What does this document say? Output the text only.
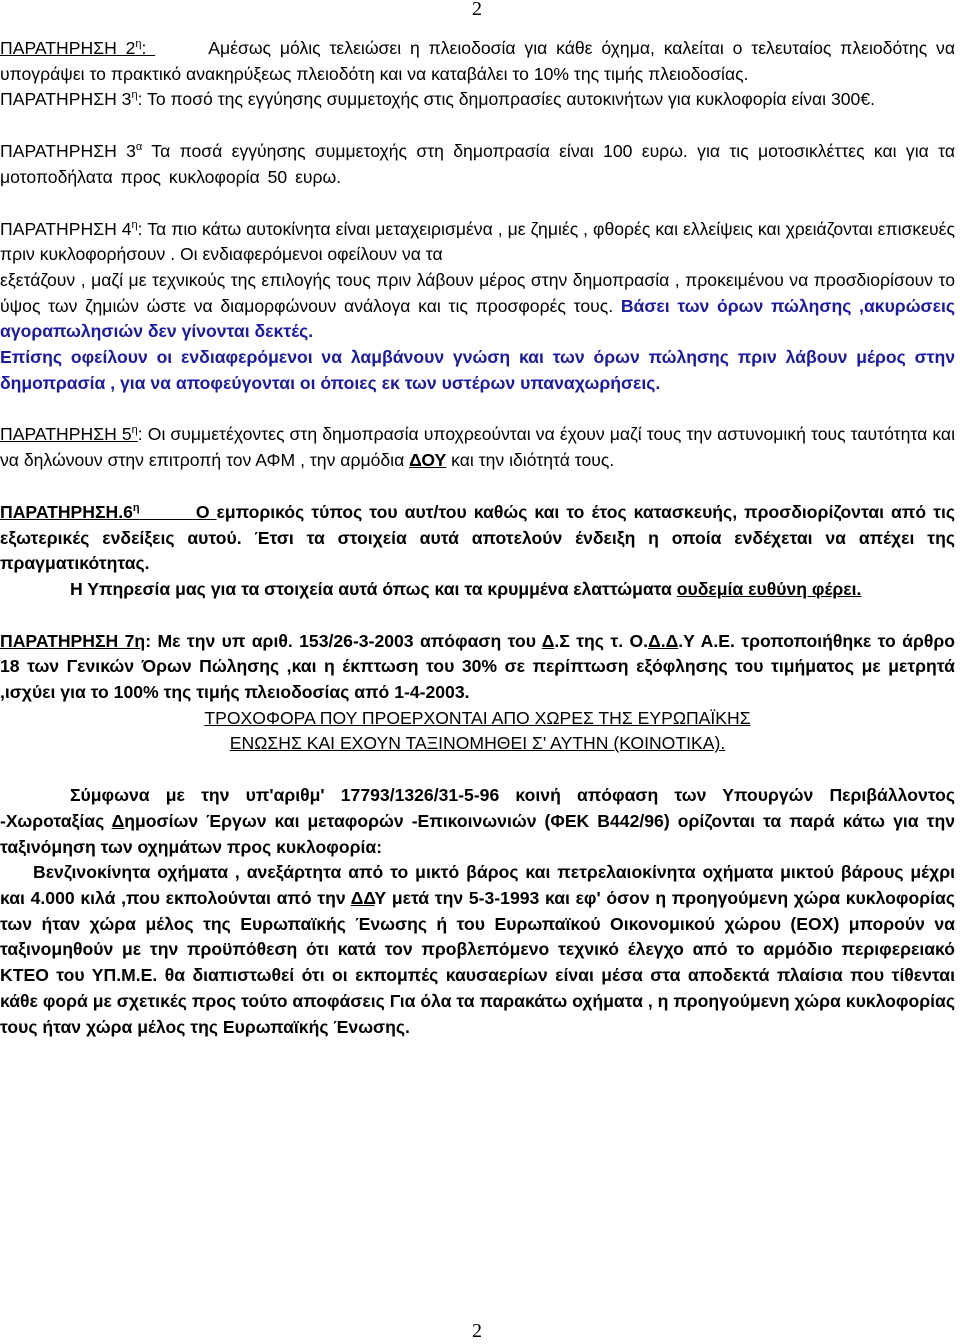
2

ΠΑΡΑΤΗΡΗΣΗ $2^\eta$:	Αμέσως μόλις τελειώσει η πλειοδοσία για κάθε όχημα, καλείται ο τελευταίος πλειοδότης να υπογράψει το πρακτικό ανακηρύξεως πλειοδότη και να καταβάλει το 10% της τιμής πλειοδοσίας.

ΠΑΡΑΤΗΡΗΣΗ $3^\eta$: Το ποσό της εγγύησης συμμετοχής στις δημοπρασίες αυτοκινήτων για κυκλοφορία είναι 300€.

ΠΑΡΑΤΗΡΗΣΗ $3^\alpha$ Τα ποσά εγγύησης συμμετοχής στη δημοπρασία είναι 100 ευρω. για τις μοτοσικλέττες και για τα μοτοποδήλατα προς κυκλοφορία 50 ευρω.

ΠΑΡΑΤΗΡΗΣΗ $4^\eta$: Τα πιο κάτω αυτοκίνητα είναι μεταχειρισμένα , με ζημιές , φθορές και ελλείψεις και χρειάζονται επισκευές πριν κυκλοφορήσουν . Οι ενδιαφερόμενοι οφείλουν να τα
εξετάζουν , μαζί με τεχνικούς της επιλογής τους πριν λάβουν μέρος στην δημοπρασία , προκειμένου να προσδιορίσουν το ύψος των ζημιών ώστε να διαμορφώνουν ανάλογα και τις προσφορές τους. Βάσει των όρων πώλησης ,ακυρώσεις αγοραπωλησιών δεν γίνονται δεκτές.
Επίσης οφείλουν οι ενδιαφερόμενοι να λαμβάνουν γνώση και των όρων πώλησης πριν λάβουν μέρος στην δημοπρασία , για να αποφεύγονται οι όποιες εκ των υστέρων υπαναχωρήσεις.

ΠΑΡΑΤΗΡΗΣΗ $5^\eta$: Οι συμμετέχοντες στη δημοπρασία υποχρεούνται να έχουν μαζί τους την αστυνομική τους ταυτότητα και να δηλώνουν στην επιτροπή τον ΑΦΜ , την αρμόδια ΔΟΥ και την ιδιότητά τους.

$\Pi APATHPH\Sigma H.6^\eta$	Ο εμπορικός τύπος του αυτ/του καθώς και το έτος κατασκευής, προσδιορίζονται από τις εξωτερικές ενδείξεις αυτού. Έτσι τα στοιχεία αυτά αποτελούν ένδειξη η οποία ενδέχεται να απέχει της πραγματικότητας.
Η Υπηρεσία μας για τα στοιχεία αυτά όπως και τα κρυμμένα ελαττώματα ουδεμία ευθύνη φέρει.

ΠΑΡΑΤΗΡΗΣΗ 7η: Με την υπ αριθ. 153/26-3-2003 απόφαση του Δ.Σ της τ. Ο.Δ.Δ.Υ Α.Ε. τροποποιήθηκε το άρθρο 18 των Γενικών Όρων Πώλησης ,και η έκπτωση του 30% σε περίπτωση εξόφλησης του τιμήματος με μετρητά ,ισχύει για το 100% της τιμής πλειοδοσίας από 1-4-2003.

ΤΡΟΧΟΦΟΡΑ ΠΟΥ ΠΡΟΕΡΧΟΝΤΑΙ ΑΠΟ ΧΩΡΕΣ ΤΗΣ ΕΥΡΩΠΑΪΚΗΣ
ΕΝΩΣΗΣ ΚΑΙ ΕΧΟΥΝ ΤΑΞΙΝΟΜΗΘΕΙ Σ' ΑΥΤΗΝ (ΚΟΙΝΟΤΙΚΑ).

Σύμφωνα με την υπ'αριθμ' 17793/1326/31-5-96 κοινή απόφαση των Υπουργών Περιβάλλοντος -Χωροταξίας Δημοσίων Έργων και μεταφορών -Επικοινωνιών (ΦΕΚ Β442/96) ορίζονται τα παρά κάτω για την ταξινόμηση των οχημάτων προς κυκλοφορία:

Βενζινοκίνητα οχήματα , ανεξάρτητα από το μικτό βάρος και πετρελαιοκίνητα οχήματα μικτού βάρους μέχρι και 4.000 κιλά ,που εκπολούνται από την ΔΔΥ μετά την 5-3-1993 και εφ' όσον η προηγούμενη χώρα κυκλοφορίας των ήταν χώρα μέλος της Ευρωπαϊκής Ένωσης ή του Ευρωπαϊκού Οικονομικού χώρου (ΕΟΧ) μπορούν να ταξινομηθούν με την προϋπόθεση ότι κατά τον προβλεπόμενο τεχνικό έλεγχο από το αρμόδιο περιφερειακό ΚΤΕΟ του ΥΠ.Μ.Ε. θα διαπιστωθεί ότι οι εκπομπές καυσαερίων είναι μέσα στα αποδεκτά πλαίσια που τίθενται κάθε φορά με σχετικές προς τούτο αποφάσεις Για όλα τα παρακάτω οχήματα , η προηγούμενη χώρα κυκλοφορίας τους ήταν χώρα μέλος της Ευρωπαϊκής Ένωσης.

2
